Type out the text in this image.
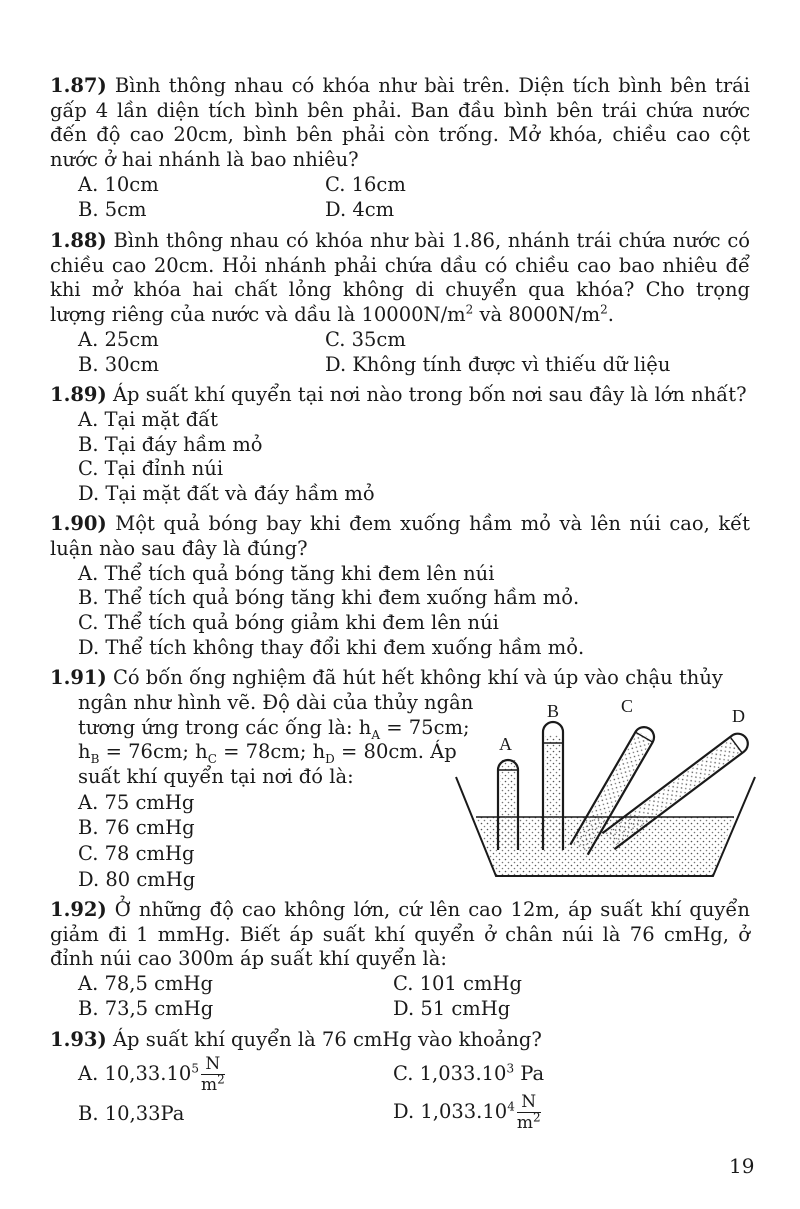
1.87) Bình thông nhau có khóa như bài trên. Diện tích bình bên trái gấp 4 lần diện tích bình bên phải. Ban đầu bình bên trái chứa nước đến độ cao 20cm, bình bên phải còn trống. Mở khóa, chiều cao cột nước ở hai nhánh là bao nhiêu?
A. 10cm	C. 16cm
B. 5cm	D. 4cm
1.88) Bình thông nhau có khóa như bài 1.86, nhánh trái chứa nước có chiều cao 20cm. Hỏi nhánh phải chứa dầu có chiều cao bao nhiêu để khi mở khóa hai chất lỏng không di chuyển qua khóa? Cho trọng lượng riêng của nước và dầu là $10000N/m^2$ và $8000N/m^2$.
A. 25cm	C. 35cm
B. 30cm	D. Không tính được vì thiếu dữ liệu
1.89) Áp suất khí quyển tại nơi nào trong bốn nơi sau đây là lớn nhất?
A. Tại mặt đất
B. Tại đáy hầm mỏ
C. Tại đỉnh núi
D. Tại mặt đất và đáy hầm mỏ
1.90) Một quả bóng bay khi đem xuống hầm mỏ và lên núi cao, kết luận nào sau đây là đúng?
A. Thể tích quả bóng tăng khi đem lên núi
B. Thể tích quả bóng tăng khi đem xuống hầm mỏ.
C. Thể tích quả bóng giảm khi đem lên núi
D. Thể tích không thay đổi khi đem xuống hầm mỏ.
1.91) Có bốn ống nghiệm đã hút hết không khí và úp vào chậu thủy
ngân như hình vẽ. Độ dài của thủy ngân
tương ứng trong các ống là: $h_A = 75cm$;
$h_B = 76cm$; $h_C = 78cm$; $h_D = 80cm$. Áp
suất khí quyển tại nơi đó là:
A. 75 cmHg
B. 76 cmHg
C. 78 cmHg
D. 80 cmHg
A
B	C	D
1.92) Ở những độ cao không lớn, cứ lên cao 12m, áp suất khí quyển giảm đi 1 mmHg. Biết áp suất khí quyển ở chân núi là 76 cmHg, ở đỉnh núi cao 300m áp suất khí quyển là:
A. 78,5 cmHg	C. 101 cmHg
B. 73,5 cmHg	D. 51 cmHg
1.93) Áp suất khí quyển là 76 cmHg vào khoảng?
A. $10,33.10^5 \frac{N}{m^2}$	C. 1,033.10$^3$ Pa
B. 10,33Pa	D. $1,033.10^4 \frac{N}{m^2}$
19
